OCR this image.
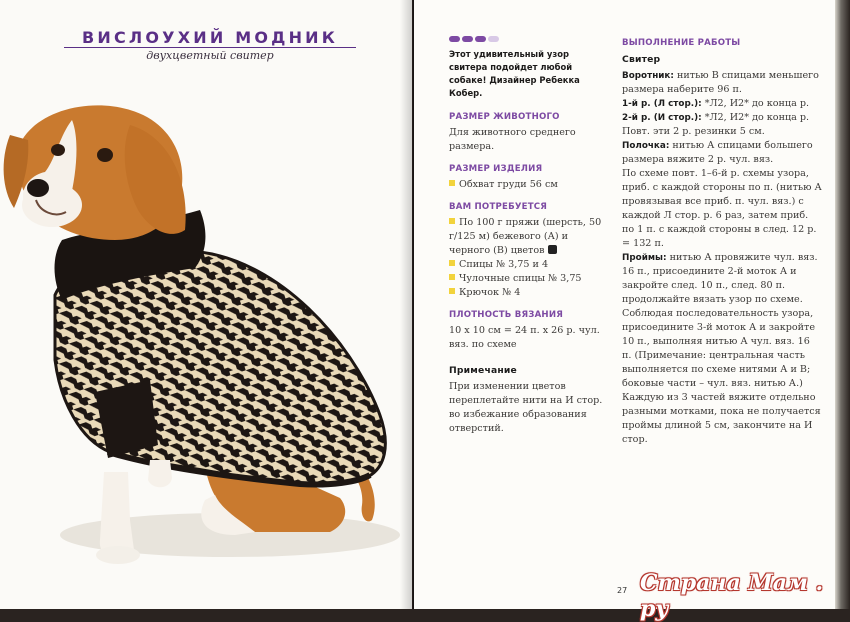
ВИСЛОУХИЙ МОДНИК
двухцветный свитер	Этот удивительный узор свитера подойдет любой собаке! Дизайнер Ребекка Кобер.

РАЗМЕР ЖИВОТНОГО

Для животного среднего размера.

РАЗМЕР ИЗДЕЛИЯ

Обхват груди 56 см

ВАМ ПОТРЕБУЕТСЯ

По 100 г пряжи (шерсть, 50 г/125 м) бежевого (А) и черного (В) цветов

Спицы № 3,75 и 4

Чулочные спицы № 3,75

Крючок № 4

ПЛОТНОСТЬ ВЯЗАНИЯ

10 х 10 см = 24 п. х 26 р. чул. вяз. по схеме

Примечание

При изменении цветов переплетайте нити на И стор. во избежание образования отверстий.

ВЫПОЛНЕНИЕ РАБОТЫ
Свитер

Воротник: нитью В спицами меньшего размера наберите 96 п.

1-й р. (Л стор.): *Л2, И2* до конца р.

2-й р. (И стор.): *Л2, И2* до конца р.

Повт. эти 2 р. резинки 5 см.

Полочка: нитью А спицами большего размера вяжите 2 р. чул. вяз.

По схеме повт. 1–6-й р. схемы узора, приб. с каждой стороны по п. (нитью А провязывая все приб. п. чул. вяз.) с каждой Л стор. р. 6 раз, затем приб. по 1 п. с каждой стороны в след. 12 р. = 132 п.

Проймы: нитью А провяжите чул. вяз. 16 п., присоедините 2-й моток А и закройте след. 10 п., след. 80 п. продолжайте вязать узор по схеме. Соблюдая последовательность узора, присоедините 3-й моток А и закройте 10 п., выполняя нитью А чул. вяз. 16 п. (Примечание: центральная часть выполняется по схеме нитями А и В; боковые части – чул. вяз. нитью А.) Каждую из 3 частей вяжите отдельно разными мотками, пока не получается проймы длиной 5 см, закончите на И стор.

27 Страна Мам . ру
